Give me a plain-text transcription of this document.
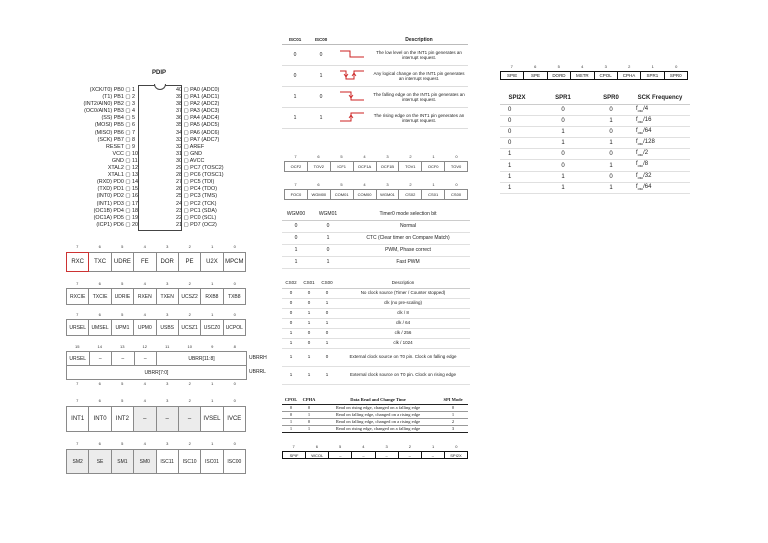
PDIP
(XCK/T0) PB0 ▢ 1
(T1) PB1 ▢ 2
(INT2/AIN0) PB2 ▢ 3
(OC0/AIN1) PB3 ▢ 4
(SS) PB4 ▢ 5
(MOSI) PB5 ▢ 6
(MISO) PB6 ▢ 7
(SCK) PB7 ▢ 8
RESET ▢ 9
VCC ▢ 10
GND ▢ 11
XTAL2 ▢ 12
XTAL1 ▢ 13
(RXD) PD0 ▢ 14
(TXD) PD1 ▢ 15
(INT0) PD2 ▢ 16
(INT1) PD3 ▢ 17
(OC1B) PD4 ▢ 18
(OC1A) PD5 ▢ 19
(ICP1) PD6 ▢ 20
40 ▢ PA0 (ADC0)
39 ▢ PA1 (ADC1)
38 ▢ PA2 (ADC2)
37 ▢ PA3 (ADC3)
36 ▢ PA4 (ADC4)
35 ▢ PA5 (ADC5)
34 ▢ PA6 (ADC6)
33 ▢ PA7 (ADC7)
32 ▢ AREF
31 ▢ GND
30 ▢ AVCC
29 ▢ PC7 (TOSC2)
28 ▢ PC6 (TOSC1)
27 ▢ PC5 (TDI)
26 ▢ PC4 (TDO)
25 ▢ PC3 (TMS)
24 ▢ PC2 (TCK)
23 ▢ PC1 (SDA)
22 ▢ PC0 (SCL)
21 ▢ PD7 (OC2)
7	6	5	4	3	2	1	0
RXC	TXC	UDRE	FE	DOR	PE	U2X	MPCM
7	6	5	4	3	2	1	0
RXCIE	TXCIE	UDRIE	RXEN	TXEN	UCSZ2	RXB8	TXB8
7	6	5	4	3	2	1	0
URSEL	UMSEL	UPM1	UPM0	USBS	UCSZ1	USCZ0	UCPOL
15	14	13	12	11	10	9	8
URSEL	–	–	–	UBRR[11:8]
UBRR[7:0]
UBRRH
UBRRL
7	6	5	4	3	2	1	0
7	6	5	4	3	2	1	0
INT1	INT0	INT2	–	–	–	IVSEL	IVCE
7	6	5	4	3	2	1	0
SM2	SE	SM1	SM0	ISC11	ISC10	ISC01	ISC00
ISC01	ISC00		Description
0	0		The low level on the INT1 pin generates an interrupt request.
0	1		Any logical change on the INT1 pin generates an interrupt request.
1	0		The falling edge on the INT1 pin generates an interrupt request.
1	1		The rising edge on the INT1 pin generates an interrupt request.
7	6	5	4	3	2	1	0
OCF2	TOV2	ICF1	OCF1A	OCF1B	TOV1	OCF0	TOV0
7	6	5	4	3	2	1	0
FOC0	WGM00	COM01	COM00	WGM01	CS02	CS01	CS00
WGM00	WGM01	Timer0 mode selection bit
0	0	Normal
0	1	CTC (Clear timer on Compare Match)
1	0	PWM, Phase correct
1	1	Fast PWM
CS02	CS01	CS00	Description
0	0	0	No clock source (Timer / Counter stopped)
0	0	1	clk (no pre-scaling)
0	1	0	clk / 8
0	1	1	clk / 64
1	0	0	clk / 256
1	0	1	clk / 1024
1	1	0	External clock source on T0 pin. Clock on falling edge
1	1	1	External clock source on T0 pin. Clock on rising edge
CPOL	CPHA	Data Read and Change Time	SPI Mode
0	0	Read on rising edge, changed on a falling edge	0
0	1	Read on falling edge, changed on a rising edge	1
1	0	Read on falling edge, changed on a rising edge	2
1	1	Read on rising edge, changed on a falling edge	3
7	6	5	4	3	2	1	0
SPIF	WCOL	–	–	–	–	–	SPI2X
7	6	5	4	3	2	1	0
SPIE	SPE	DORD	MSTR	CPOL	CPHA	SPR1	SPR0
SPI2X	SPR1	SPR0	SCK Frequency
0	0	0	$f_{osc}/4$
0	0	1	$f_{osc}/16$
0	1	0	$f_{osc}/64$
0	1	1	$f_{osc}/128$
1	0	0	$f_{osc}/2$
1	0	1	$f_{osc}/8$
1	1	0	$f_{osc}/32$
1	1	1	$f_{osc}/64$
